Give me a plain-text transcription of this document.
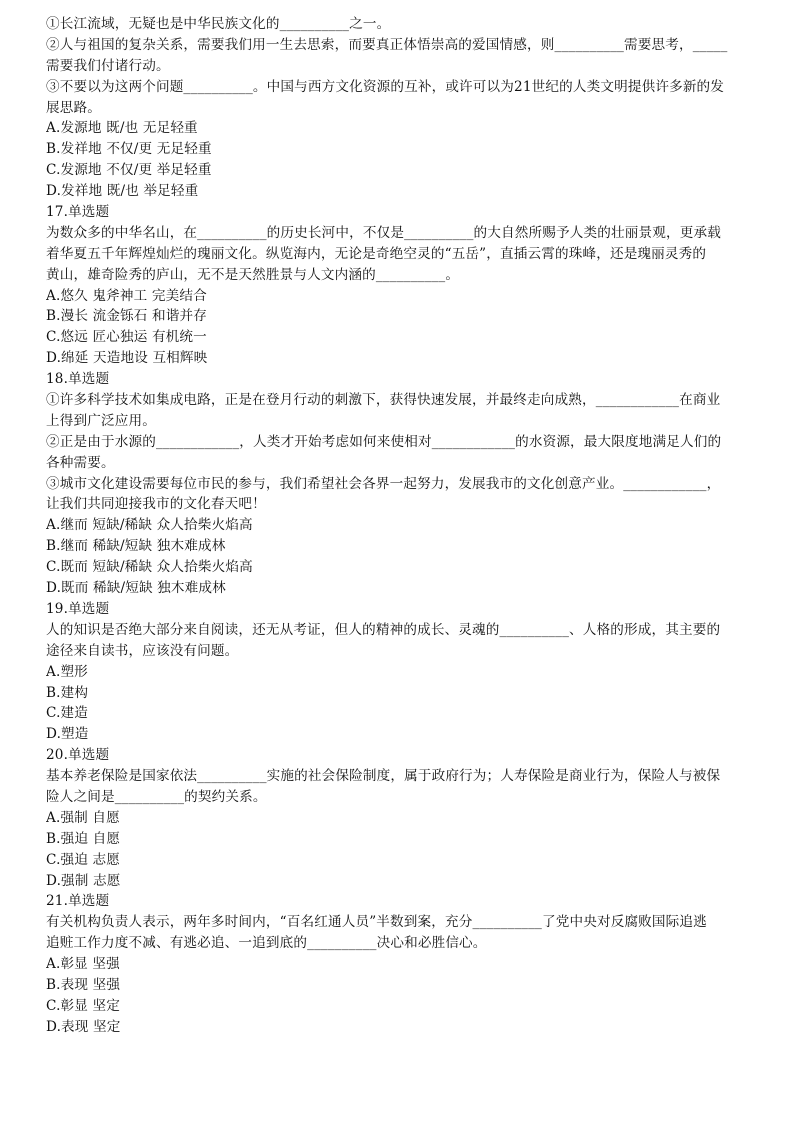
①长江流域，无疑也是中华民族文化的__________之一。
②人与祖国的复杂关系，需要我们用一生去思索，而要真正体悟崇高的爱国情感，则__________需要思考，_____
需要我们付诸行动。
③不要以为这两个问题__________。中国与西方文化资源的互补，或许可以为21世纪的人类文明提供许多新的发
展思路。
A.发源地 既/也 无足轻重
B.发祥地 不仅/更 无足轻重
C.发源地 不仅/更 举足轻重
D.发祥地 既/也 举足轻重
17.单选题
为数众多的中华名山，在__________的历史长河中，不仅是__________的大自然所赐予人类的壮丽景观，更承载
着华夏五千年辉煌灿烂的瑰丽文化。纵览海内，无论是奇绝空灵的“五岳”，直插云霄的珠峰，还是瑰丽灵秀的
黄山，雄奇险秀的庐山，无不是天然胜景与人文内涵的__________。
A.悠久 鬼斧神工 完美结合
B.漫长 流金铄石 和谐并存
C.悠远 匠心独运 有机统一
D.绵延 天造地设 互相辉映
18.单选题
①许多科学技术如集成电路，正是在登月行动的刺激下，获得快速发展，并最终走向成熟，____________在商业
上得到广泛应用。
②正是由于水源的____________，人类才开始考虑如何来使相对____________的水资源，最大限度地满足人们的
各种需要。
③城市文化建设需要每位市民的参与，我们希望社会各界一起努力，发展我市的文化创意产业。____________，
让我们共同迎接我市的文化春天吧！
A.继而 短缺/稀缺 众人拾柴火焰高
B.继而 稀缺/短缺 独木难成林
C.既而 短缺/稀缺 众人拾柴火焰高
D.既而 稀缺/短缺 独木难成林
19.单选题
人的知识是否绝大部分来自阅读，还无从考证，但人的精神的成长、灵魂的__________、人格的形成，其主要的
途径来自读书，应该没有问题。
A.塑形
B.建构
C.建造
D.塑造
20.单选题
基本养老保险是国家依法__________实施的社会保险制度，属于政府行为；人寿保险是商业行为，保险人与被保
险人之间是__________的契约关系。
A.强制 自愿
B.强迫 自愿
C.强迫 志愿
D.强制 志愿
21.单选题
有关机构负责人表示，两年多时间内，“百名红通人员”半数到案，充分__________了党中央对反腐败国际追逃
追赃工作力度不减、有逃必追、一追到底的__________决心和必胜信心。
A.彰显 坚强
B.表现 坚强
C.彰显 坚定
D.表现 坚定
